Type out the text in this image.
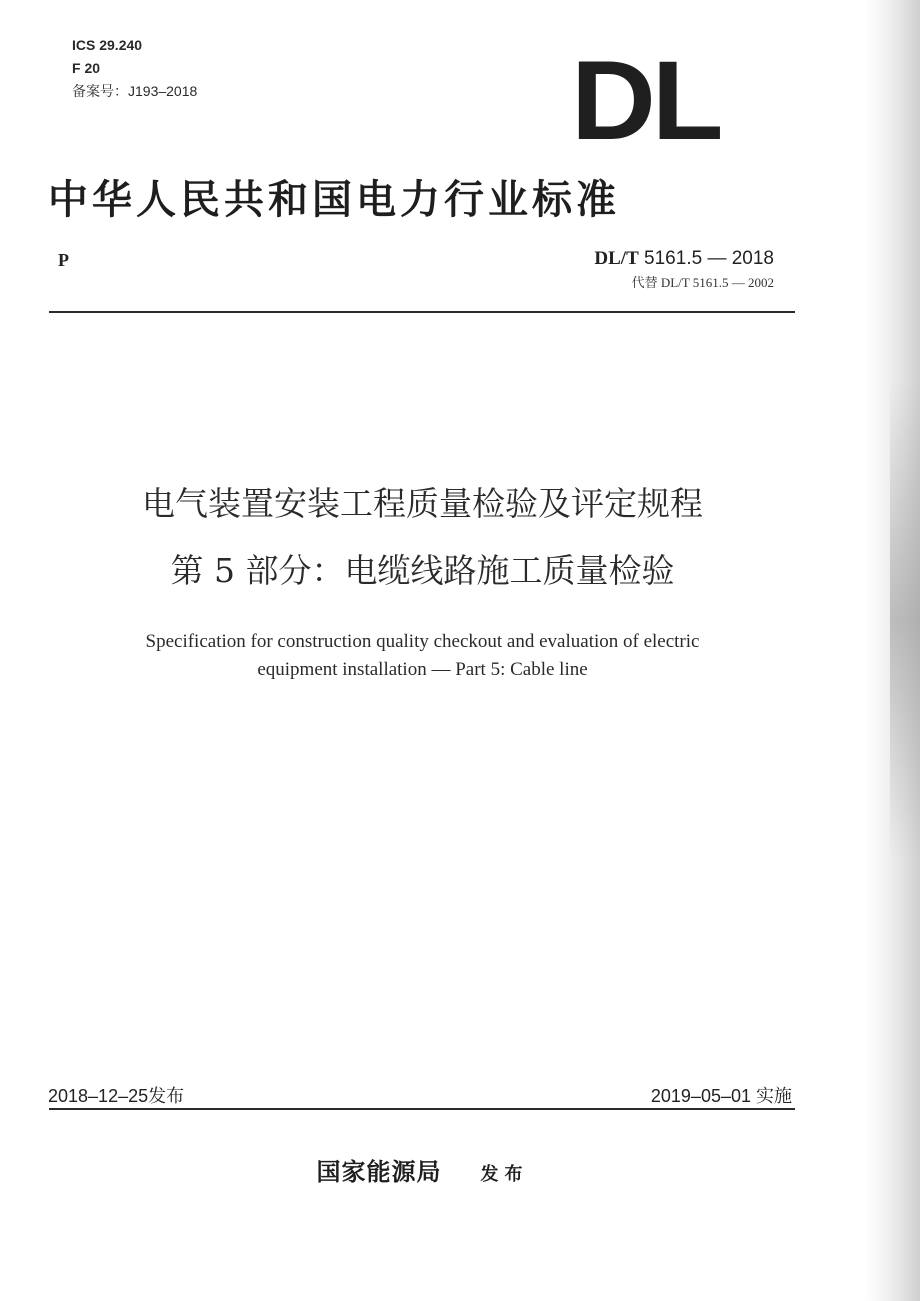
ICS 29.240
F 20
备案号：J193–2018	DL
中华人民共和国电力行业标准
P	DL/T 5161.5 — 2018
代替 DL/T 5161.5 — 2002
电气装置安装工程质量检验及评定规程
第 5 部分：电缆线路施工质量检验
Specification for construction quality checkout and evaluation of electric
equipment installation — Part 5: Cable line
2018–12–25发布	2019–05–01 实施
国家能源局 发布
